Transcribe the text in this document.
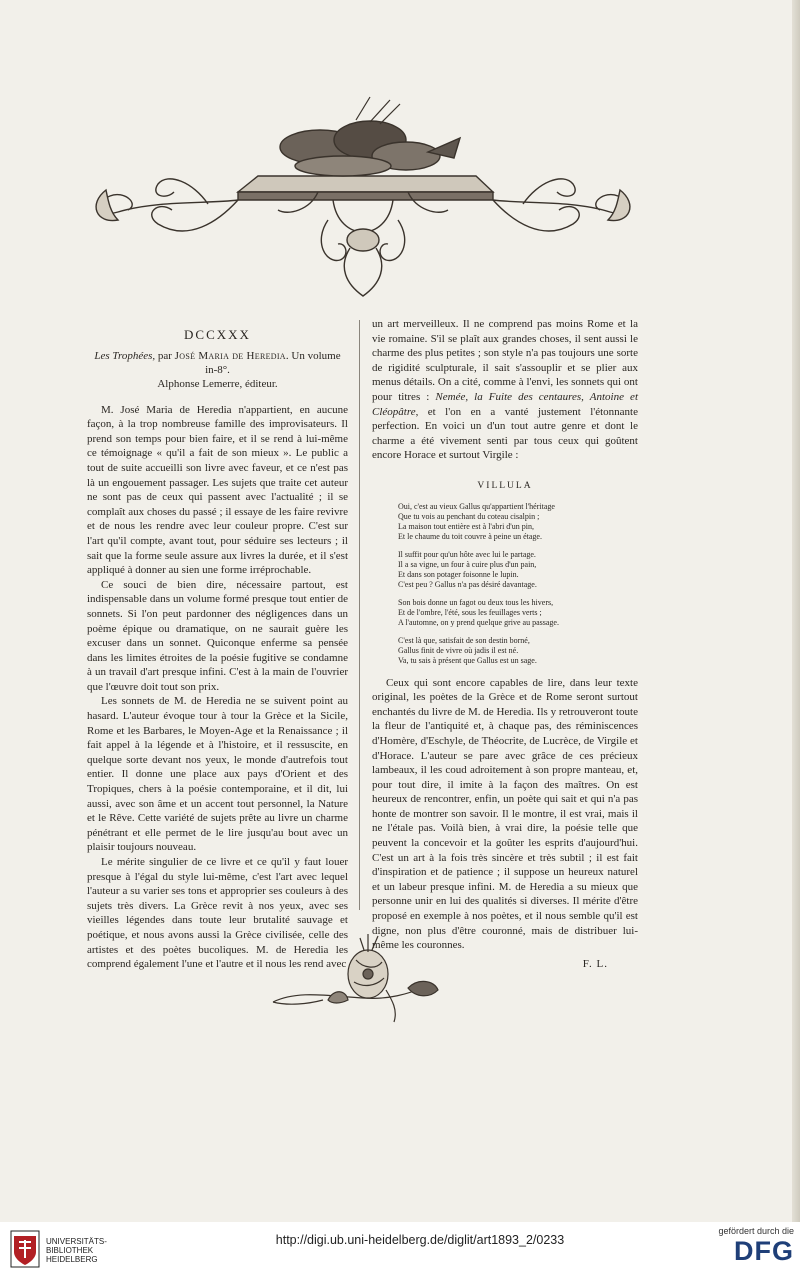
DCCXXX
Les Trophées, par José Maria de Heredia. Un volume in-8°.
Alphonse Lemerre, éditeur.

M. José Maria de Heredia n'appartient, en aucune façon, à la trop nombreuse famille des improvisateurs. Il prend son temps pour bien faire, et il se rend à lui-même ce témoignage « qu'il a fait de son mieux ». Le public a tout de suite accueilli son livre avec faveur, et ce n'est pas là un engouement passager. Les sujets que traite cet auteur ne sont pas de ceux qui passent avec l'actualité ; il se complaît aux choses du passé ; il essaye de les faire revivre et de nous les rendre avec leur couleur propre. C'est sur l'art qu'il compte, avant tout, pour séduire ses lecteurs ; il sait que la forme seule assure aux livres la durée, et il s'est appliqué à donner au sien une forme irréprochable.

Ce souci de bien dire, nécessaire partout, est indispensable dans un volume formé presque tout entier de sonnets. Si l'on peut pardonner des négligences dans un poème épique ou dramatique, on ne saurait guère les excuser dans un sonnet. Quiconque enferme sa pensée dans les limites étroites de la poésie fugitive se condamne à un travail d'art presque infini. C'est à la main de l'ouvrier que l'œuvre doit tout son prix.

Les sonnets de M. de Heredia ne se suivent point au hasard. L'auteur évoque tour à tour la Grèce et la Sicile, Rome et les Barbares, le Moyen-Age et la Renaissance ; il fait appel à la légende et à l'histoire, et il ressuscite, en quelque sorte devant nos yeux, le monde d'autrefois tout entier. Il donne une place aux pays d'Orient et des Tropiques, chers à la poésie contemporaine, et il dit, lui aussi, avec son âme et un accent tout personnel, la Nature et le Rêve. Cette variété de sujets prête au livre un charme pénétrant et elle permet de le lire jusqu'au bout avec un plaisir toujours nouveau.

Le mérite singulier de ce livre et ce qu'il y faut louer presque à l'égal du style lui-même, c'est l'art avec lequel l'auteur a su varier ses tons et approprier ses couleurs à des sujets très divers. La Grèce revit à nos yeux, avec ses vieilles légendes dans toute leur brutalité sauvage et poétique, et nous avons aussi la Grèce civilisée, celle des artistes et des poètes bucoliques. M. de Heredia les comprend également l'une et l'autre et il nous les rend avec

un art merveilleux. Il ne comprend pas moins Rome et la vie romaine. S'il se plaît aux grandes choses, il sent aussi le charme des plus petites ; son style n'a pas toujours une sorte de rigidité sculpturale, il sait s'assouplir et se plier aux menus détails. On a cité, comme à l'envi, les sonnets qui ont pour titres : Nemée, la Fuite des centaures, Antoine et Cléopâtre, et l'on en a vanté justement l'étonnante perfection. En voici un d'un tout autre genre et dont le charme a été vivement senti par tous ceux qui goûtent encore Horace et surtout Virgile :

VILLULA
Oui, c'est au vieux Gallus qu'appartient l'héritage
Que tu vois au penchant du coteau cisalpin ;
La maison tout entière est à l'abri d'un pin,
Et le chaume du toit couvre à peine un étage.
Il suffit pour qu'un hôte avec lui le partage.
Il a sa vigne, un four à cuire plus d'un pain,
Et dans son potager foisonne le lupin.
C'est peu ? Gallus n'a pas désiré davantage.
Son bois donne un fagot ou deux tous les hivers,
Et de l'ombre, l'été, sous les feuillages verts ;
A l'automne, on y prend quelque grive au passage.
C'est là que, satisfait de son destin borné,
Gallus finit de vivre où jadis il est né.
Va, tu sais à présent que Gallus est un sage.

Ceux qui sont encore capables de lire, dans leur texte original, les poètes de la Grèce et de Rome seront surtout enchantés du livre de M. de Heredia. Ils y retrouveront toute la fleur de l'antiquité et, à chaque pas, des réminiscences d'Homère, d'Eschyle, de Théocrite, de Lucrèce, de Virgile et d'Horace. L'auteur se pare avec grâce de ces précieux lambeaux, il les coud adroitement à son propre manteau, et, pour tout dire, il imite à la façon des maîtres. On est heureux de rencontrer, enfin, un poète qui sait et qui n'a pas honte de montrer son savoir. Il le montre, il est vrai, mais il ne l'étale pas. Voilà bien, à vrai dire, la poésie telle que peuvent la concevoir et la goûter les esprits d'aujourd'hui. C'est un art à la fois très sincère et très subtil ; il est fait d'inspiration et de patience ; il suppose un heureux naturel et un labeur presque infini. M. de Heredia a su mieux que personne unir en lui des qualités si diverses. Il mérite d'être proposé en exemple à nos poètes, et il nous semble qu'il est digne, non plus d'être couronné, mais de distribuer lui-même les couronnes.

F. L.
UNIVERSITÄTS-
BIBLIOTHEK
HEIDELBERG
http://digi.ub.uni-heidelberg.de/diglit/art1893_2/0233
gefördert durch die
DFG
